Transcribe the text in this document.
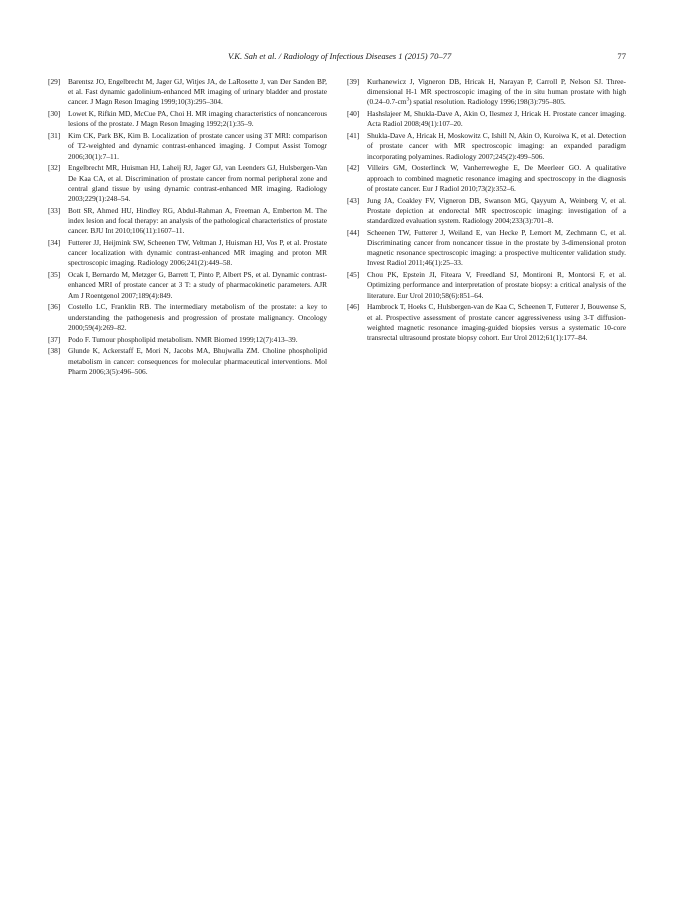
V.K. Sah et al. / Radiology of Infectious Diseases 1 (2015) 70–77	77
[29] Barentsz JO, Engelbrecht M, Jager GJ, Witjes JA, de LaRosette J, van Der Sanden BP, et al. Fast dynamic gadolinium-enhanced MR imaging of urinary bladder and prostate cancer. J Magn Reson Imaging 1999;10(3):295–304.
[30] Lowet K, Rifkin MD, McCue PA, Choi H. MR imaging characteristics of noncancerous lesions of the prostate. J Magn Reson Imaging 1992;2(1):35–9.
[31] Kim CK, Park BK, Kim B. Localization of prostate cancer using 3T MRI: comparison of T2-weighted and dynamic contrast-enhanced imaging. J Comput Assist Tomogr 2006;30(1):7–11.
[32] Engelbrecht MR, Huisman HJ, Laheij RJ, Jager GJ, van Leenders GJ, Hulsbergen-Van De Kaa CA, et al. Discrimination of prostate cancer from normal peripheral zone and central gland tissue by using dynamic contrast-enhanced MR imaging. Radiology 2003;229(1):248–54.
[33] Bott SR, Ahmed HU, Hindley RG, Abdul-Rahman A, Freeman A, Emberton M. The index lesion and focal therapy: an analysis of the pathological characteristics of prostate cancer. BJU Int 2010;106(11):1607–11.
[34] Futterer JJ, Heijmink SW, Scheenen TW, Veltman J, Huisman HJ, Vos P, et al. Prostate cancer localization with dynamic contrast-enhanced MR imaging and proton MR spectroscopic imaging. Radiology 2006;241(2):449–58.
[35] Ocak I, Bernardo M, Metzger G, Barrett T, Pinto P, Albert PS, et al. Dynamic contrast-enhanced MRI of prostate cancer at 3 T: a study of pharmacokinetic parameters. AJR Am J Roentgenol 2007;189(4):849.
[36] Costello LC, Franklin RB. The intermediary metabolism of the prostate: a key to understanding the pathogenesis and progression of prostate malignancy. Oncology 2000;59(4):269–82.
[37] Podo F. Tumour phospholipid metabolism. NMR Biomed 1999;12(7):413–39.
[38] Glunde K, Ackerstaff E, Mori N, Jacobs MA, Bhujwalla ZM. Choline phospholipid metabolism in cancer: consequences for molecular pharmaceutical interventions. Mol Pharm 2006;3(5):496–506.
[39] Kurhanewicz J, Vigneron DB, Hricak H, Narayan P, Carroll P, Nelson SJ. Three-dimensional H-1 MR spectroscopic imaging of the in situ human prostate with high $(0.24-0.7-cm^3)$ spatial resolution. Radiology 1996;198(3):795–805.
[40] Hashslajeer M, Shukla-Dave A, Akin O, Ilesmez J, Hricak H. Prostate cancer imaging. Acta Radiol 2008;49(1):107–20.
[41] Shukla-Dave A, Hricak H, Moskowitz C, Ishill N, Akin O, Kuroiwa K, et al. Detection of prostate cancer with MR spectroscopic imaging: an expanded paradigm incorporating polyamines. Radiology 2007;245(2):499–506.
[42] Villeirs GM, Oosterlinck W, Vanherreweghe E, De Meerleer GO. A qualitative approach to combined magnetic resonance imaging and spectroscopy in the diagnosis of prostate cancer. Eur J Radiol 2010;73(2):352–6.
[43] Jung JA, Coakley FV, Vigneron DB, Swanson MG, Qayyum A, Weinberg V, et al. Prostate depiction at endorectal MR spectroscopic imaging: investigation of a standardized evaluation system. Radiology 2004;233(3):701–8.
[44] Scheenen TW, Futterer J, Weiland E, van Hecke P, Lemort M, Zechmann C, et al. Discriminating cancer from noncancer tissue in the prostate by 3-dimensional proton magnetic resonance spectroscopic imaging: a prospective multicenter validation study. Invest Radiol 2011;46(1):25–33.
[45] Chou PK, Epstein JI, Fiteara V, Freedland SJ, Montironi R, Montorsi F, et al. Optimizing performance and interpretation of prostate biopsy: a critical analysis of the literature. Eur Urol 2010;58(6):851–64.
[46] Hambrock T, Hoeks C, Hulsbergen-van de Kaa C, Scheenen T, Futterer J, Bouwense S, et al. Prospective assessment of prostate cancer aggressiveness using 3-T diffusion-weighted magnetic resonance imaging-guided biopsies versus a systematic 10-core transrectal ultrasound prostate biopsy cohort. Eur Urol 2012;61(1):177–84.
